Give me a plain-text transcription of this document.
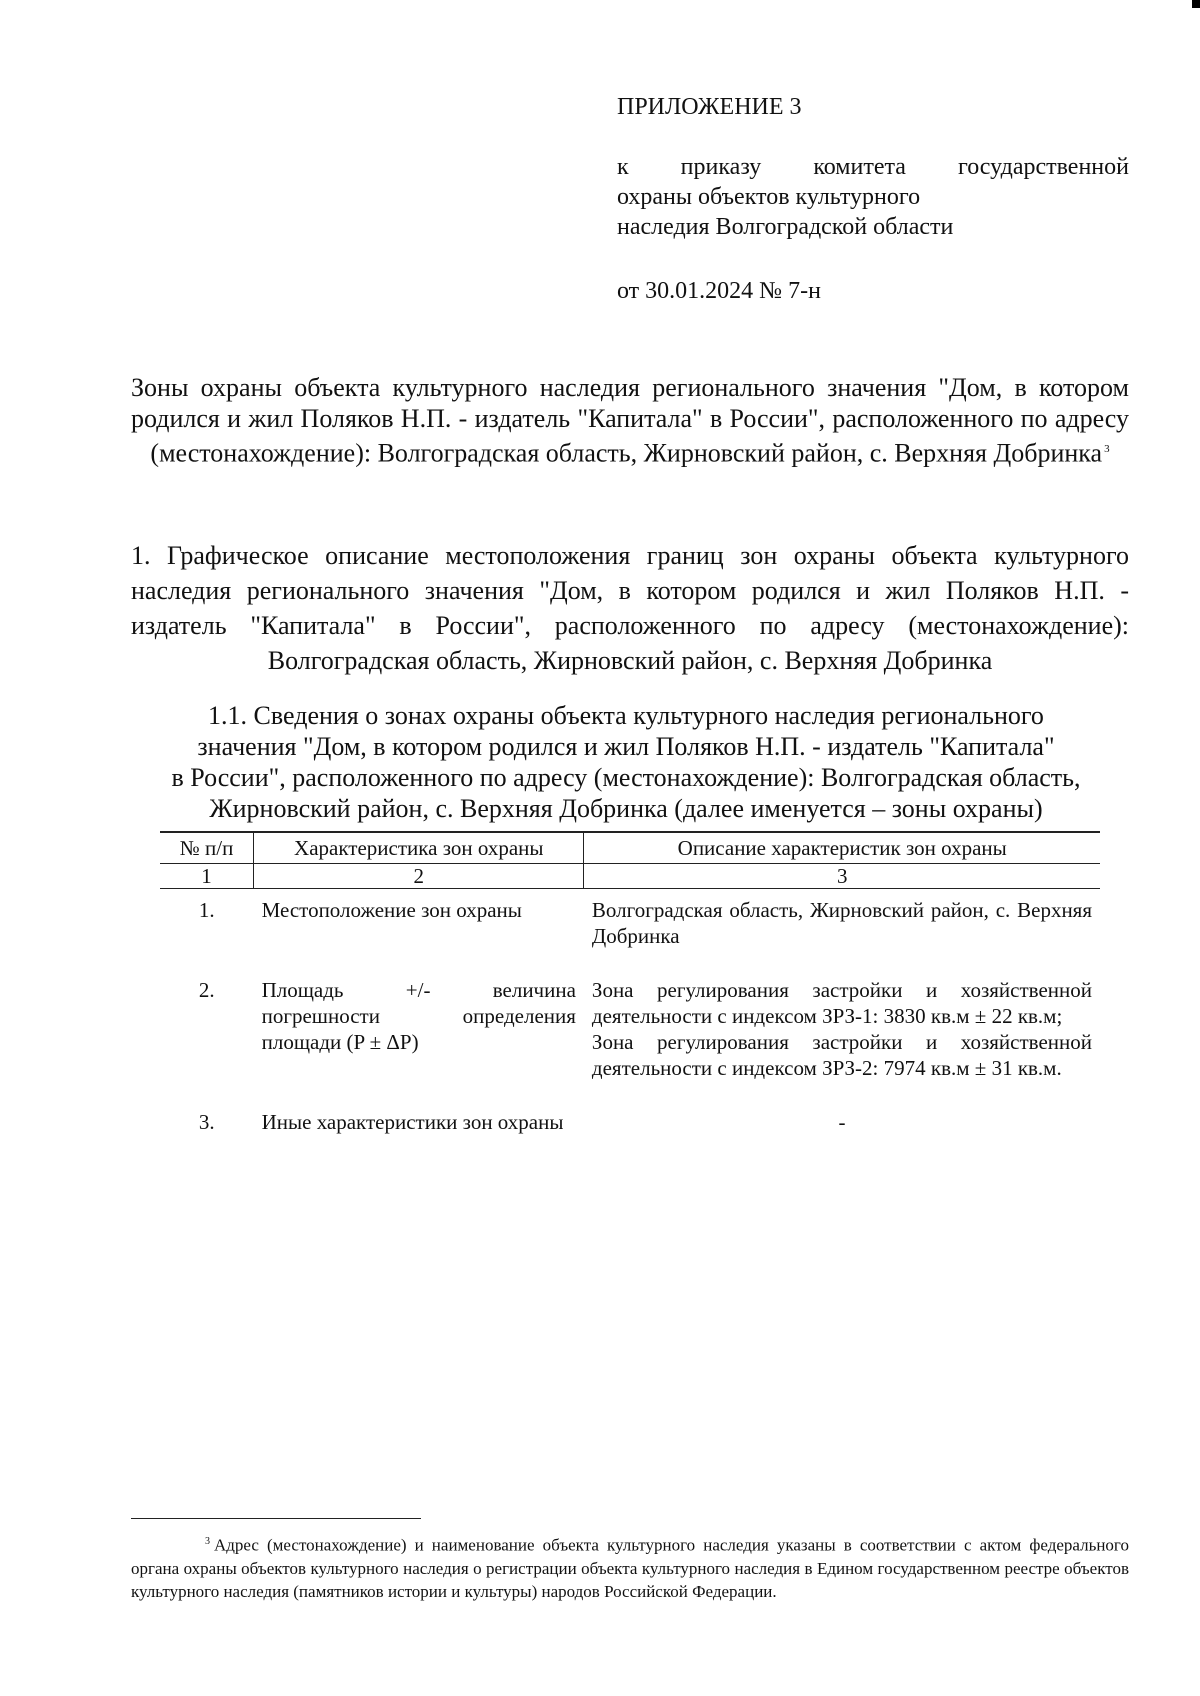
ПРИЛОЖЕНИЕ 3
к приказу комитета государственной
охраны объектов культурного
наследия Волгоградской области
от 30.01.2024 № 7-н
Зоны охраны объекта культурного наследия регионального значения "Дом, в котором родился и жил Поляков Н.П. - издатель "Капитала" в России", расположенного по адресу (местонахождение): Волгоградская область, Жирновский район, с. Верхняя Добринка $^3$
1. Графическое описание местоположения границ зон охраны объекта культурного наследия регионального значения "Дом, в котором родился и жил Поляков Н.П. - издатель "Капитала" в России", расположенного по адресу (местонахождение): Волгоградская область, Жирновский район, с. Верхняя Добринка
1.1. Сведения о зонах охраны объекта культурного наследия регионального
значения "Дом, в котором родился и жил Поляков Н.П. - издатель "Капитала"
в России", расположенного по адресу (местонахождение): Волгоградская область,
Жирновский район, с. Верхняя Добринка (далее именуется – зоны охраны)
№ п/п	Характеристика зон охраны	Описание характеристик зон охраны
1	2	3
1.	Местоположение зон охраны	Волгоградская область, Жирновский район, с. Верхняя Добринка
2.	Площадь +/- величина погрешности определения площади (P ± ΔP)	Зона регулирования застройки и хозяйственной деятельности с индексом ЗРЗ-1: 3830 кв.м ± 22 кв.м;
Зона регулирования застройки и хозяйственной деятельности с индексом ЗРЗ-2: 7974 кв.м ± 31 кв.м.

3.	Иные характеристики зон охраны	-
$^3$ Адрес (местонахождение) и наименование объекта культурного наследия указаны в соответствии с актом федерального органа охраны объектов культурного наследия о регистрации объекта культурного наследия в Едином государственном реестре объектов культурного наследия (памятников истории и культуры) народов Российской Федерации.
